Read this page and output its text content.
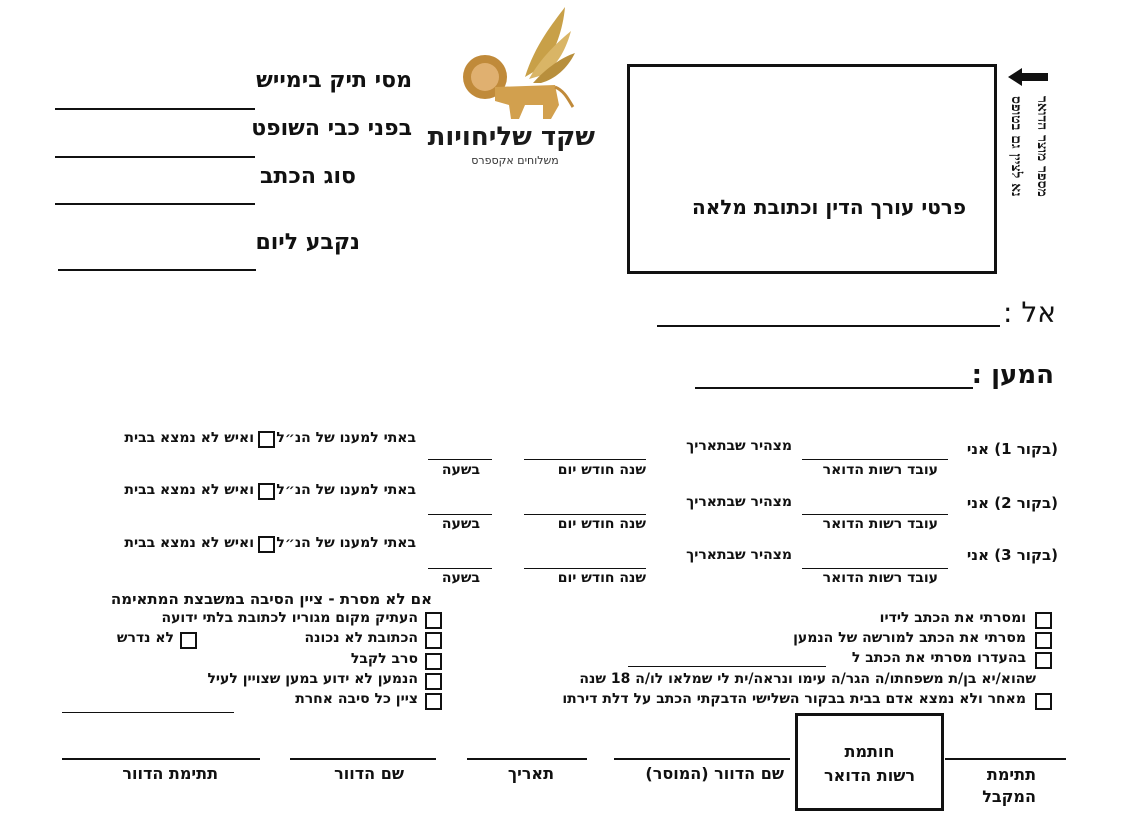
מסי תיק בימייש
בפני כבי השופט
סוג הכתב
נקבע ליום
שקד שליחויות
משלוחים אקספרס
פרטי עורך הדין וכתובת מלאה
נא לציין גם בטופס מספר מוצר הדואר
אל :
המען :
(בקור 1) אני
עובד רשות הדואר
מצהיר שבתאריך
שנה חודש יום
בשעה
באתי למענו של הנ״ל
ואיש לא נמצא בבית
(בקור 2) אני
עובד רשות הדואר
מצהיר שבתאריך
שנה חודש יום
בשעה
באתי למענו של הנ״ל
ואיש לא נמצא בבית
(בקור 3) אני
עובד רשות הדואר
מצהיר שבתאריך
שנה חודש יום
בשעה
באתי למענו של הנ״ל
ואיש לא נמצא בבית
אם לא מסרת - ציין הסיבה במשבצת המתאימה
העתיק מקום מגוריו לכתובת בלתי ידועה
הכתובת לא נכונה
לא נדרש
סרב לקבל
הנמען לא ידוע במען שצויין לעיל
ציין כל סיבה אחרת
ומסרתי את הכתב לידיו
מסרתי את הכתב למורשה של הנמען
בהעדרו מסרתי את הכתב ל
שהוא/יא בן/ת משפחתו/ה הגר/ה עימו ונראה/ית לי שמלאו לו/ה 18 שנה
מאחר ולא נמצא אדם בבית בבקור השלישי הדבקתי הכתב על דלת דירתו
תתימת
המקבל
חותמת
רשות הדואר
שם הדוור (המוסר)
תאריך
שם הדוור
תתימת הדוור
